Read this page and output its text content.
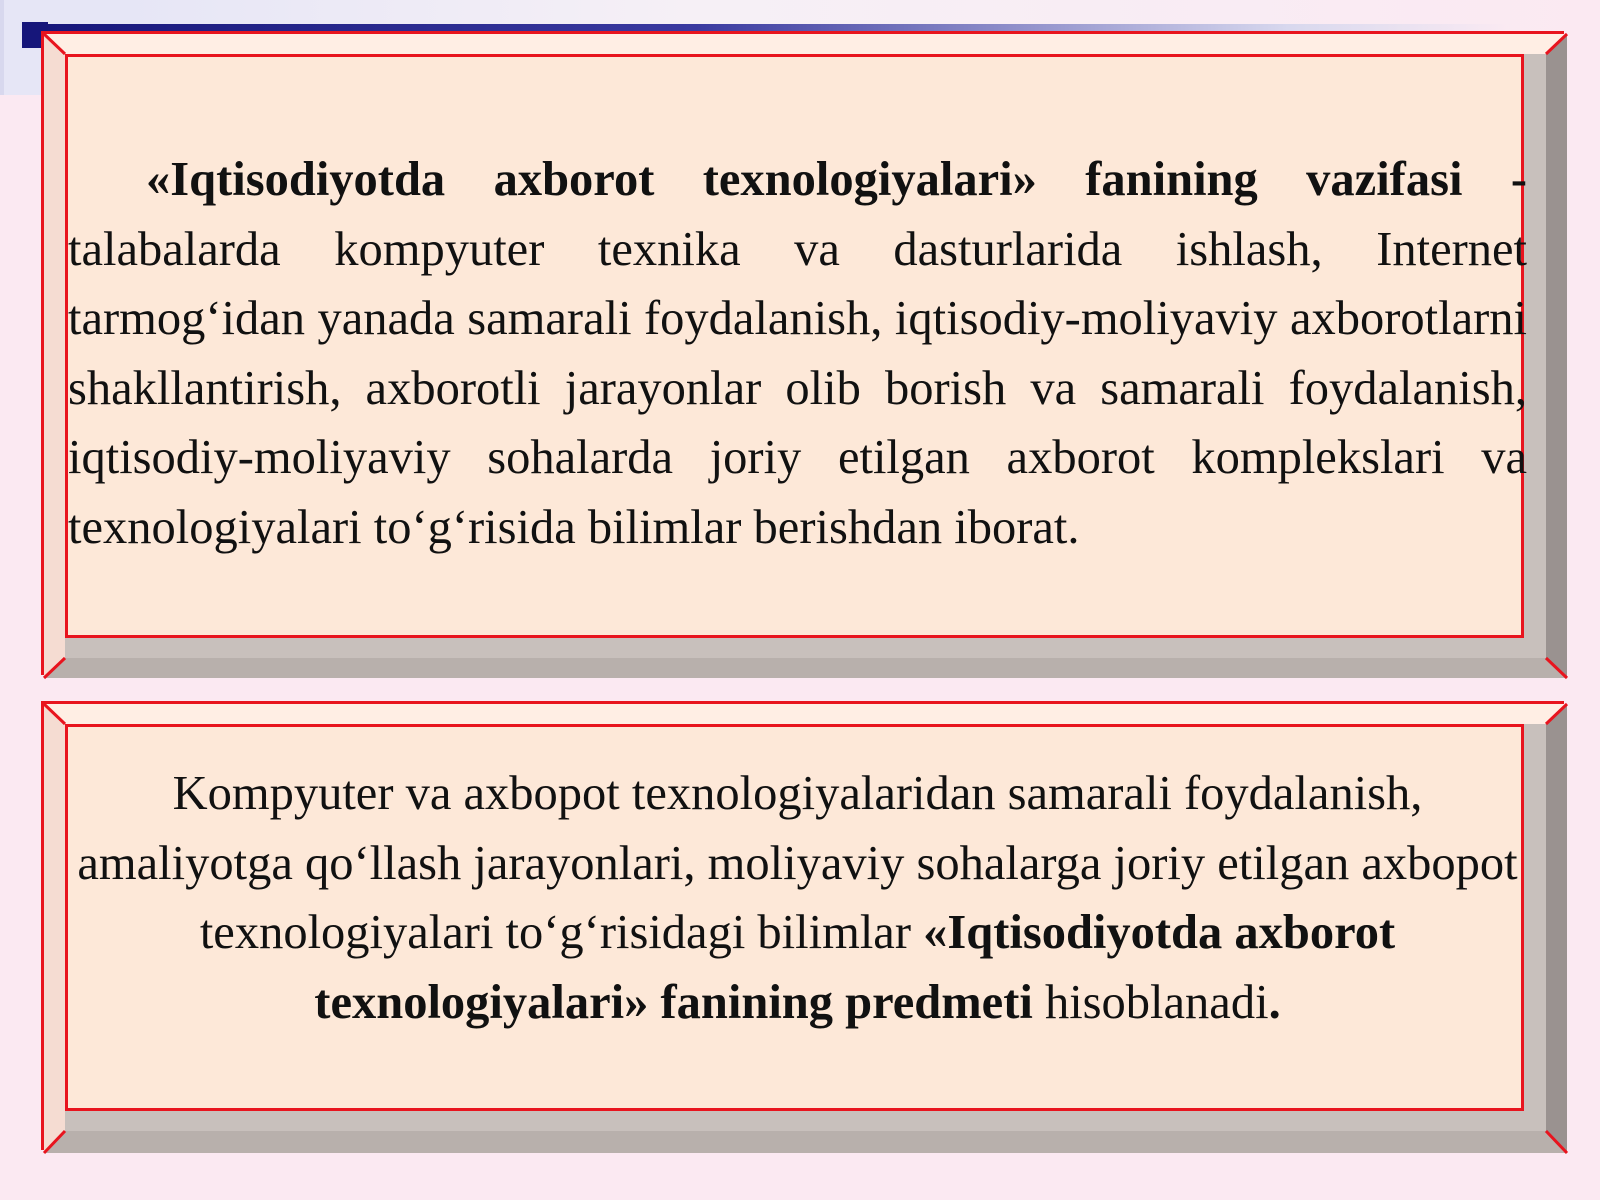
«Iqtisodiyotda axborot texnologiyalari» fanining vazifasi - talabalarda kompyuter texnika va dasturlarida ishlash, Internet tarmog‘idan yanada samarali foydalanish, iqtisodiy-moliyaviy axborotlarni shakllantirish, axborotli jarayonlar olib borish va samarali foydalanish, iqtisodiy-moliyaviy sohalarda joriy etilgan axborot komplekslari va texnologiyalari to‘g‘risida bilimlar berishdan iborat.

Kompyuter va axbopot texnologiyalaridan samarali foydalanish, amaliyotga qo‘llash jarayonlari, moliyaviy sohalarga joriy etilgan axbopot texnologiyalari to‘g‘risidagi bilimlar «Iqtisodiyotda axborot texnologiyalari» fanining predmeti hisoblanadi.
